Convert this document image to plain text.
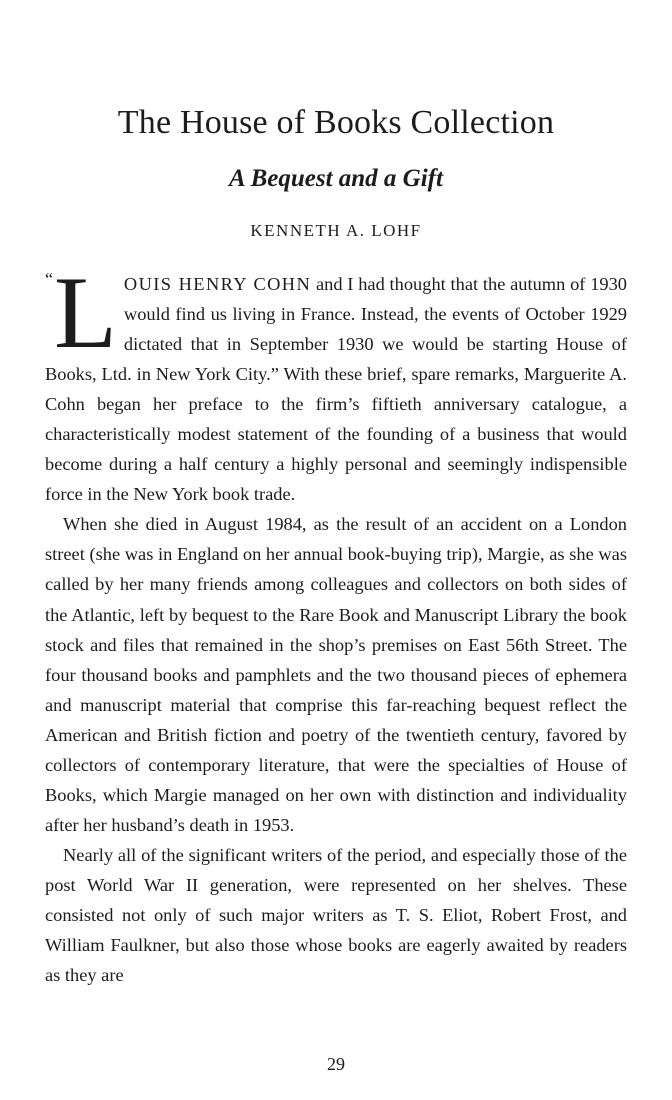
The House of Books Collection
A Bequest and a Gift
KENNETH A. LOHF

“ L OUIS HENRY COHN and I had thought that the autumn of 1930 would find us living in France. Instead, the events of October 1929 dictated that in September 1930 we would be starting House of Books, Ltd. in New York City.” With these brief, spare remarks, Marguerite A. Cohn began her preface to the firm’s fiftieth anniversary catalogue, a characteristically modest statement of the founding of a business that would become during a half century a highly personal and seemingly indispensible force in the New York book trade.

When she died in August 1984, as the result of an accident on a London street (she was in England on her annual book-buying trip), Margie, as she was called by her many friends among colleagues and collectors on both sides of the Atlantic, left by bequest to the Rare Book and Manuscript Library the book stock and files that remained in the shop’s premises on East 56th Street. The four thousand books and pamphlets and the two thousand pieces of ephemera and manuscript material that comprise this far-reaching bequest reflect the American and British fiction and poetry of the twentieth century, favored by collectors of contemporary literature, that were the specialties of House of Books, which Margie managed on her own with distinction and individuality after her husband’s death in 1953.

Nearly all of the significant writers of the period, and especially those of the post World War II generation, were represented on her shelves. These consisted not only of such major writers as T. S. Eliot, Robert Frost, and William Faulkner, but also those whose books are eagerly awaited by readers as they are

29
